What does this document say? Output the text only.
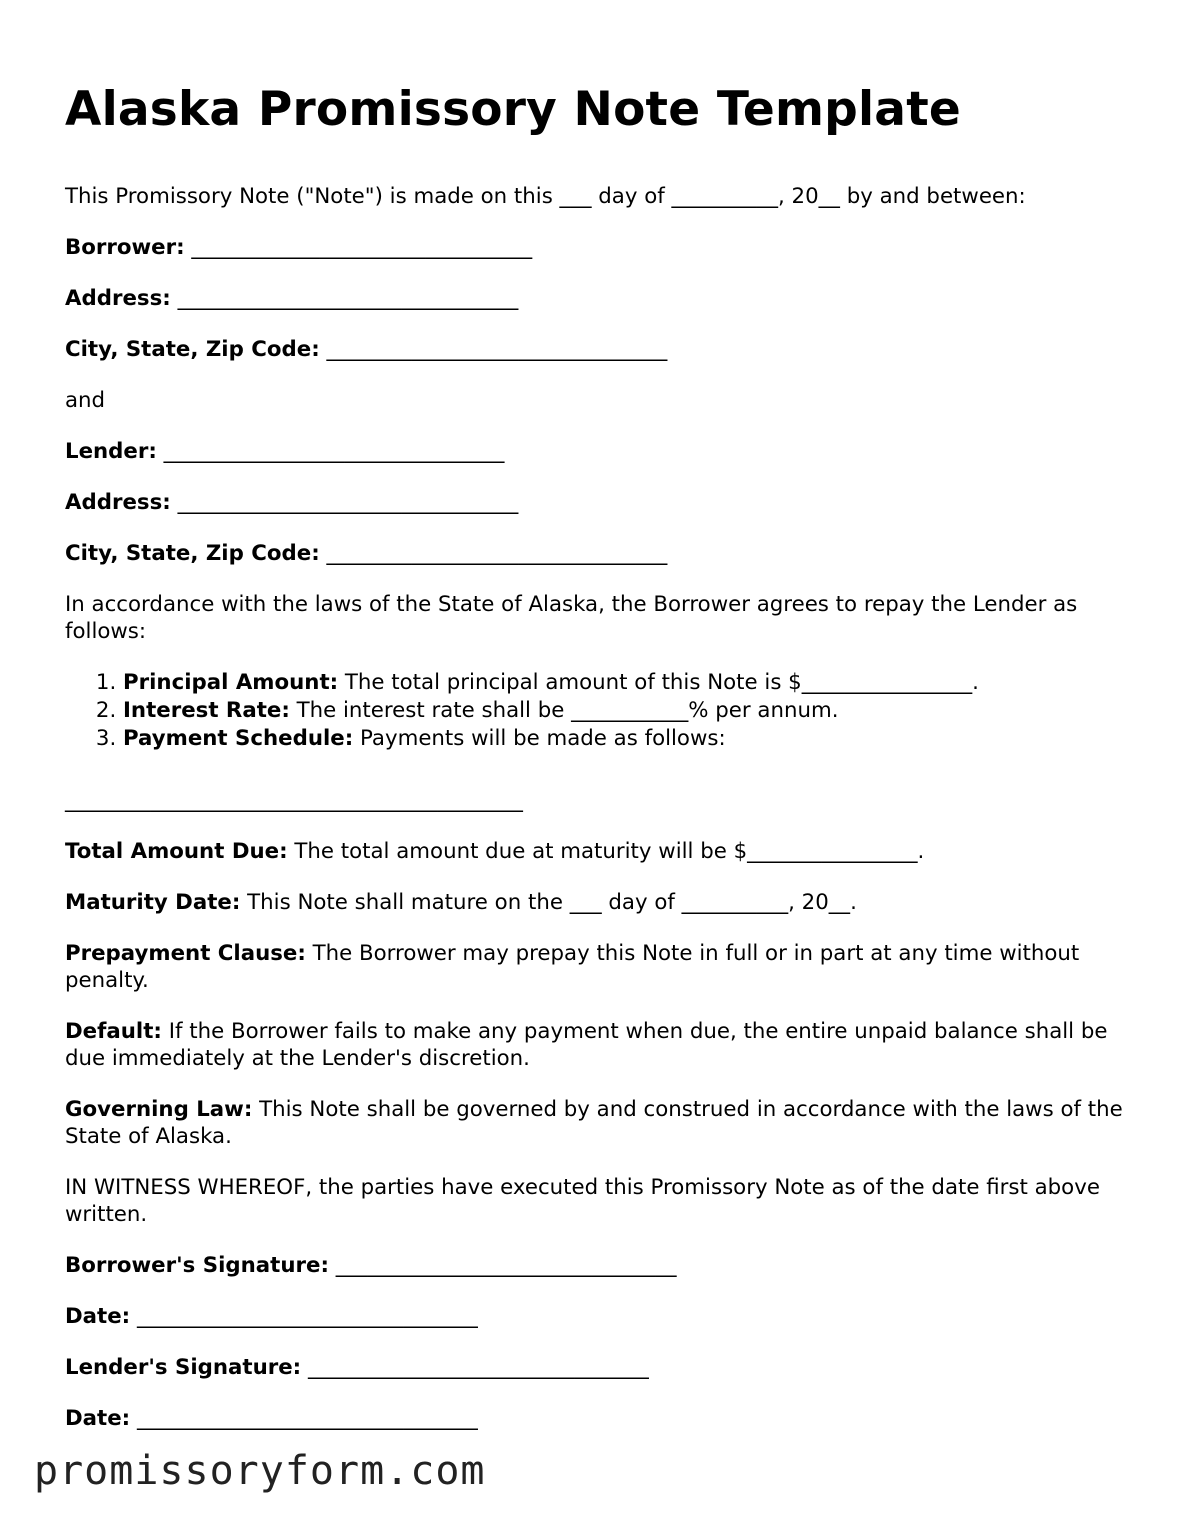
Alaska Promissory Note Template

This Promissory Note ("Note") is made on this ___ day of __________, 20__ by and between:

Borrower: ________________________________

Address: ________________________________

City, State, Zip Code: ________________________________

and

Lender: ________________________________

Address: ________________________________

City, State, Zip Code: ________________________________

In accordance with the laws of the State of Alaska, the Borrower agrees to repay the Lender as follows:

1. Principal Amount: The total principal amount of this Note is $________________.
2. Interest Rate: The interest rate shall be ___________% per annum.
3. Payment Schedule: Payments will be made as follows:
___________________________________________

Total Amount Due: The total amount due at maturity will be $________________.

Maturity Date: This Note shall mature on the ___ day of __________, 20__.

Prepayment Clause: The Borrower may prepay this Note in full or in part at any time without penalty.

Default: If the Borrower fails to make any payment when due, the entire unpaid balance shall be due immediately at the Lender's discretion.

Governing Law: This Note shall be governed by and construed in accordance with the laws of the State of Alaska.

IN WITNESS WHEREOF, the parties have executed this Promissory Note as of the date first above written.

Borrower's Signature: ________________________________

Date: ________________________________

Lender's Signature: ________________________________

Date: ________________________________

promissoryform.com
